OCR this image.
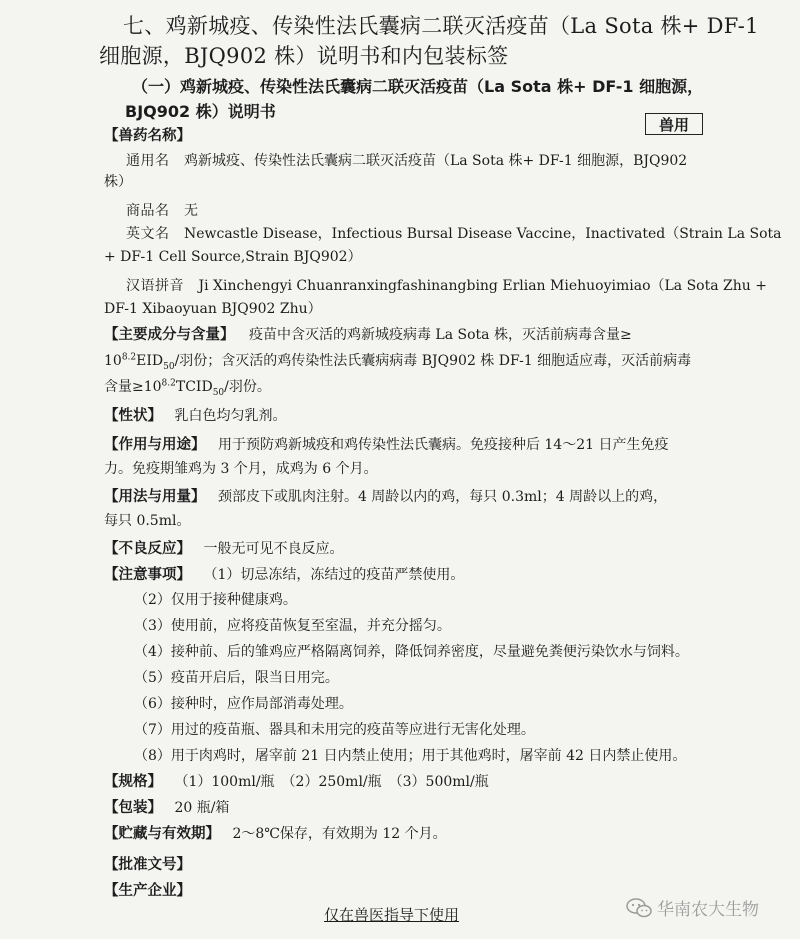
七、鸡新城疫、传染性法氏囊病二联灭活疫苗（La Sota 株+ DF-1
细胞源，BJQ902 株）说明书和内包装标签
（一）鸡新城疫、传染性法氏囊病二联灭活疫苗（La Sota 株+ DF-1 细胞源，
BJQ902 株）说明书
兽用
【兽药名称】
通用名 鸡新城疫、传染性法氏囊病二联灭活疫苗（La Sota 株+ DF-1 细胞源，BJQ902
株）
商品名 无
英文名 Newcastle Disease，Infectious Bursal Disease Vaccine，Inactivated（Strain La Sota
+ DF-1 Cell Source,Strain BJQ902）
汉语拼音 Ji Xinchengyi Chuanranxingfashinangbing Erlian Miehuoyimiao（La Sota Zhu +
DF-1 Xibaoyuan BJQ902 Zhu）
【主要成分与含量】 疫苗中含灭活的鸡新城疫病毒 La Sota 株，灭活前病毒含量≥
$10^{8.2}EID_{50}/$羽份；含灭活的鸡传染性法氏囊病病毒 BJQ902 株 DF-1 细胞适应毒，灭活前病毒
含量$\ge 10^{8.2}TCID_{50}/$羽份。
【性状】 乳白色均匀乳剂。
【作用与用途】 用于预防鸡新城疫和鸡传染性法氏囊病。免疫接种后 14～21 日产生免疫
力。免疫期雏鸡为 3 个月，成鸡为 6 个月。
【用法与用量】 颈部皮下或肌肉注射。4 周龄以内的鸡，每只 0.3ml；4 周龄以上的鸡，
每只 0.5ml。
【不良反应】 一般无可见不良反应。
【注意事项】 （1）切忌冻结，冻结过的疫苗严禁使用。
（2）仅用于接种健康鸡。
（3）使用前，应将疫苗恢复至室温，并充分摇匀。
（4）接种前、后的雏鸡应严格隔离饲养，降低饲养密度，尽量避免粪便污染饮水与饲料。
（5）疫苗开启后，限当日用完。
（6）接种时，应作局部消毒处理。
（7）用过的疫苗瓶、器具和未用完的疫苗等应进行无害化处理。
（8）用于肉鸡时，屠宰前 21 日内禁止使用；用于其他鸡时，屠宰前 42 日内禁止使用。
【规格】 （1）100ml/瓶　（2）250ml/瓶　（3）500ml/瓶
【包装】 20 瓶/箱
【贮藏与有效期】 2～8℃保存，有效期为 12 个月。
【批准文号】
【生产企业】
仅在兽医指导下使用	华南农大生物
